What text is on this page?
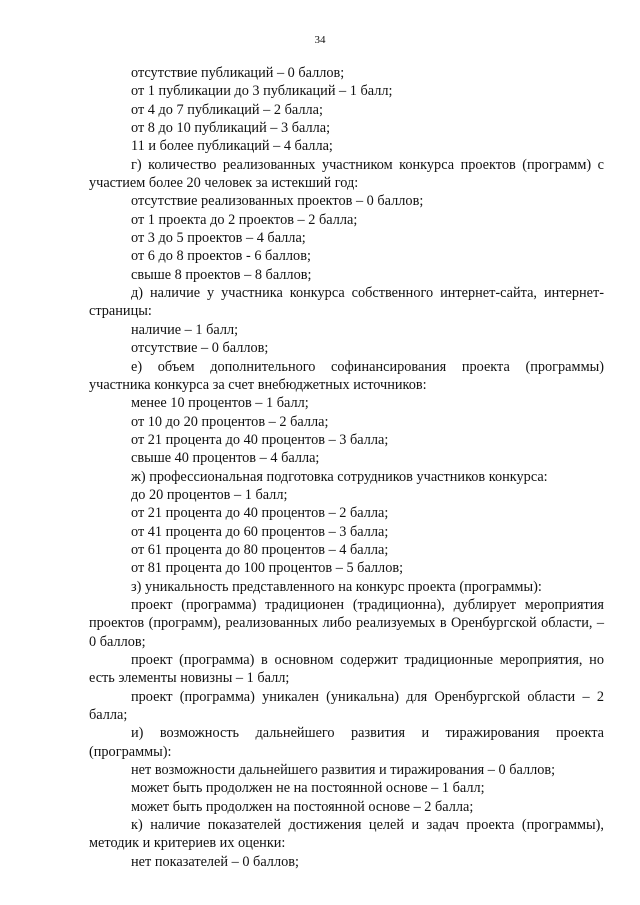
34

отсутствие публикаций – 0 баллов;

от 1 публикации до 3 публикаций – 1 балл;

от 4 до 7 публикаций – 2 балла;

от 8 до 10 публикаций – 3 балла;

11 и более публикаций – 4 балла;

г) количество реализованных участником конкурса проектов (программ) с участием более 20 человек за истекший год:

отсутствие реализованных проектов – 0 баллов;

от 1 проекта до 2 проектов – 2 балла;

от 3 до 5 проектов – 4 балла;

от 6 до 8 проектов - 6 баллов;

свыше 8 проектов – 8 баллов;

д) наличие у участника конкурса собственного интернет-сайта, интернет-страницы:

наличие – 1 балл;

отсутствие – 0 баллов;

е) объем дополнительного софинансирования проекта (программы) участника конкурса за счет внебюджетных источников:

менее 10 процентов – 1 балл;

от 10 до 20 процентов – 2 балла;

от 21 процента до 40 процентов – 3 балла;

свыше 40 процентов – 4 балла;

ж) профессиональная подготовка сотрудников участников конкурса:

до 20 процентов – 1 балл;

от 21 процента до 40 процентов – 2 балла;

от 41 процента до 60 процентов – 3 балла;

от 61 процента до 80 процентов – 4 балла;

от 81 процента до 100 процентов – 5 баллов;

з) уникальность представленного на конкурс проекта (программы):

проект (программа) традиционен (традиционна), дублирует мероприятия проектов (программ), реализованных либо реализуемых в Оренбургской области, – 0 баллов;

проект (программа) в основном содержит традиционные мероприятия, но есть элементы новизны – 1 балл;

проект (программа) уникален (уникальна) для Оренбургской области – 2 балла;

и) возможность дальнейшего развития и тиражирования проекта (программы):

нет возможности дальнейшего развития и тиражирования – 0 баллов;

может быть продолжен не на постоянной основе – 1 балл;

может быть продолжен на постоянной основе – 2 балла;

к) наличие показателей достижения целей и задач проекта (программы), методик и критериев их оценки:

нет показателей – 0 баллов;
